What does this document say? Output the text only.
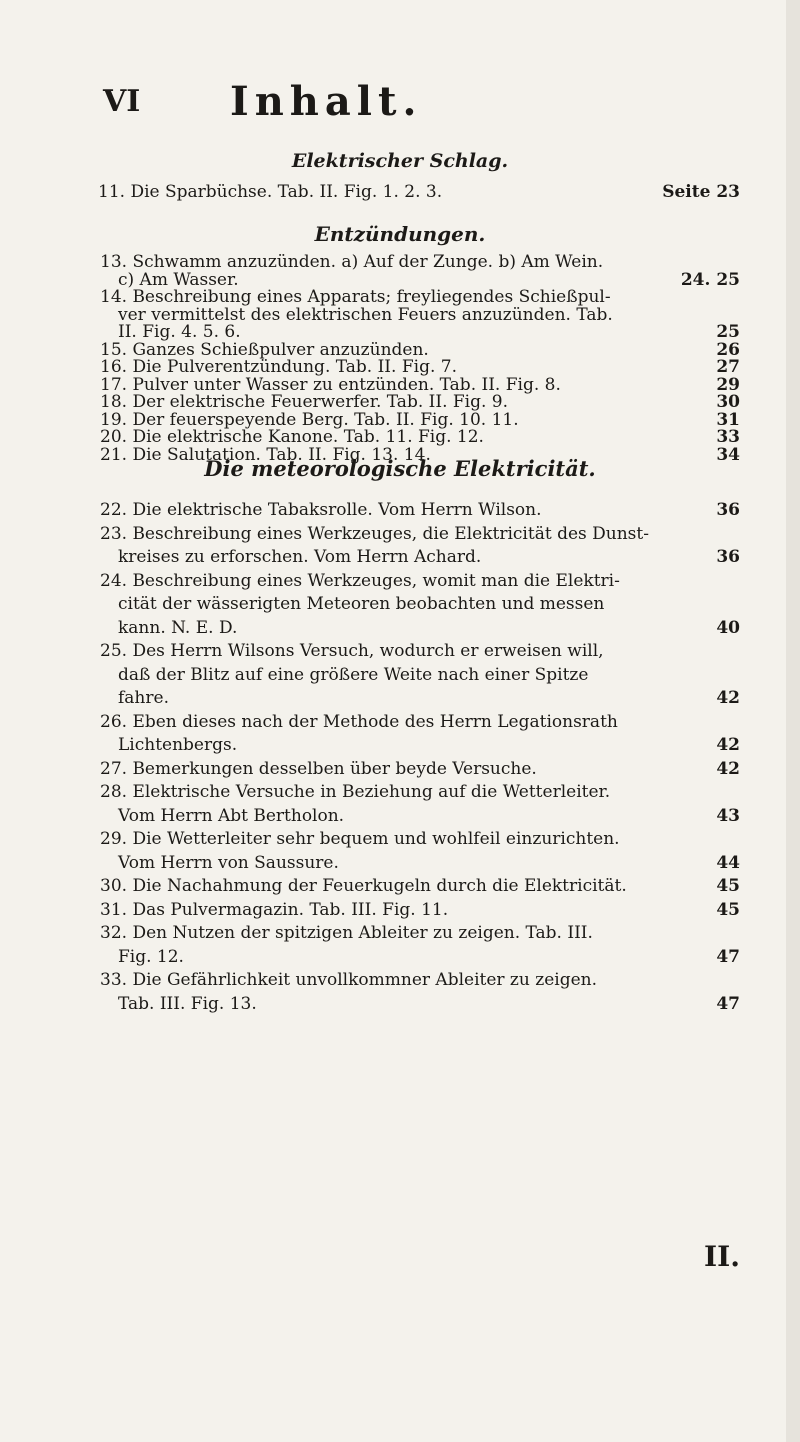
VI Inhalt.
Elektrischer Schlag.
11. Die Sparbüchse. Tab. II. Fig. 1. 2. 3.	Seite 23
Entzündungen.
13. Schwamm anzuzünden. a) Auf der Zunge. b) Am Wein.
c) Am Wasser.	24. 25
14. Beschreibung eines Apparats; freyliegendes Schießpul-
ver vermittelst des elektrischen Feuers anzuzünden. Tab.
II. Fig. 4. 5. 6.	25
15. Ganzes Schießpulver anzuzünden.	26
16. Die Pulverentzündung. Tab. II. Fig. 7.	27
17. Pulver unter Wasser zu entzünden. Tab. II. Fig. 8.	29
18. Der elektrische Feuerwerfer. Tab. II. Fig. 9.	30
19. Der feuerspeyende Berg. Tab. II. Fig. 10. 11.	31
20. Die elektrische Kanone. Tab. 11. Fig. 12.	33
21. Die Salutation. Tab. II. Fig. 13. 14.	34
Die meteorologische Elektricität.
22. Die elektrische Tabaksrolle. Vom Herrn Wilson.	36
23. Beschreibung eines Werkzeuges, die Elektricität des Dunst-
kreises zu erforschen. Vom Herrn Achard.	36
24. Beschreibung eines Werkzeuges, womit man die Elektri-
cität der wässerigten Meteoren beobachten und messen
kann. N. E. D.	40
25. Des Herrn Wilsons Versuch, wodurch er erweisen will,
daß der Blitz auf eine größere Weite nach einer Spitze
fahre.	42
26. Eben dieses nach der Methode des Herrn Legationsrath
Lichtenbergs.	42
27. Bemerkungen desselben über beyde Versuche.	42
28. Elektrische Versuche in Beziehung auf die Wetterleiter.
Vom Herrn Abt Bertholon.	43
29. Die Wetterleiter sehr bequem und wohlfeil einzurichten.
Vom Herrn von Saussure.	44
30. Die Nachahmung der Feuerkugeln durch die Elektricität.	45
31. Das Pulvermagazin. Tab. III. Fig. 11.	45
32. Den Nutzen der spitzigen Ableiter zu zeigen. Tab. III.
Fig. 12.	47
33. Die Gefährlichkeit unvollkommner Ableiter zu zeigen.
Tab. III. Fig. 13.	47
II.
